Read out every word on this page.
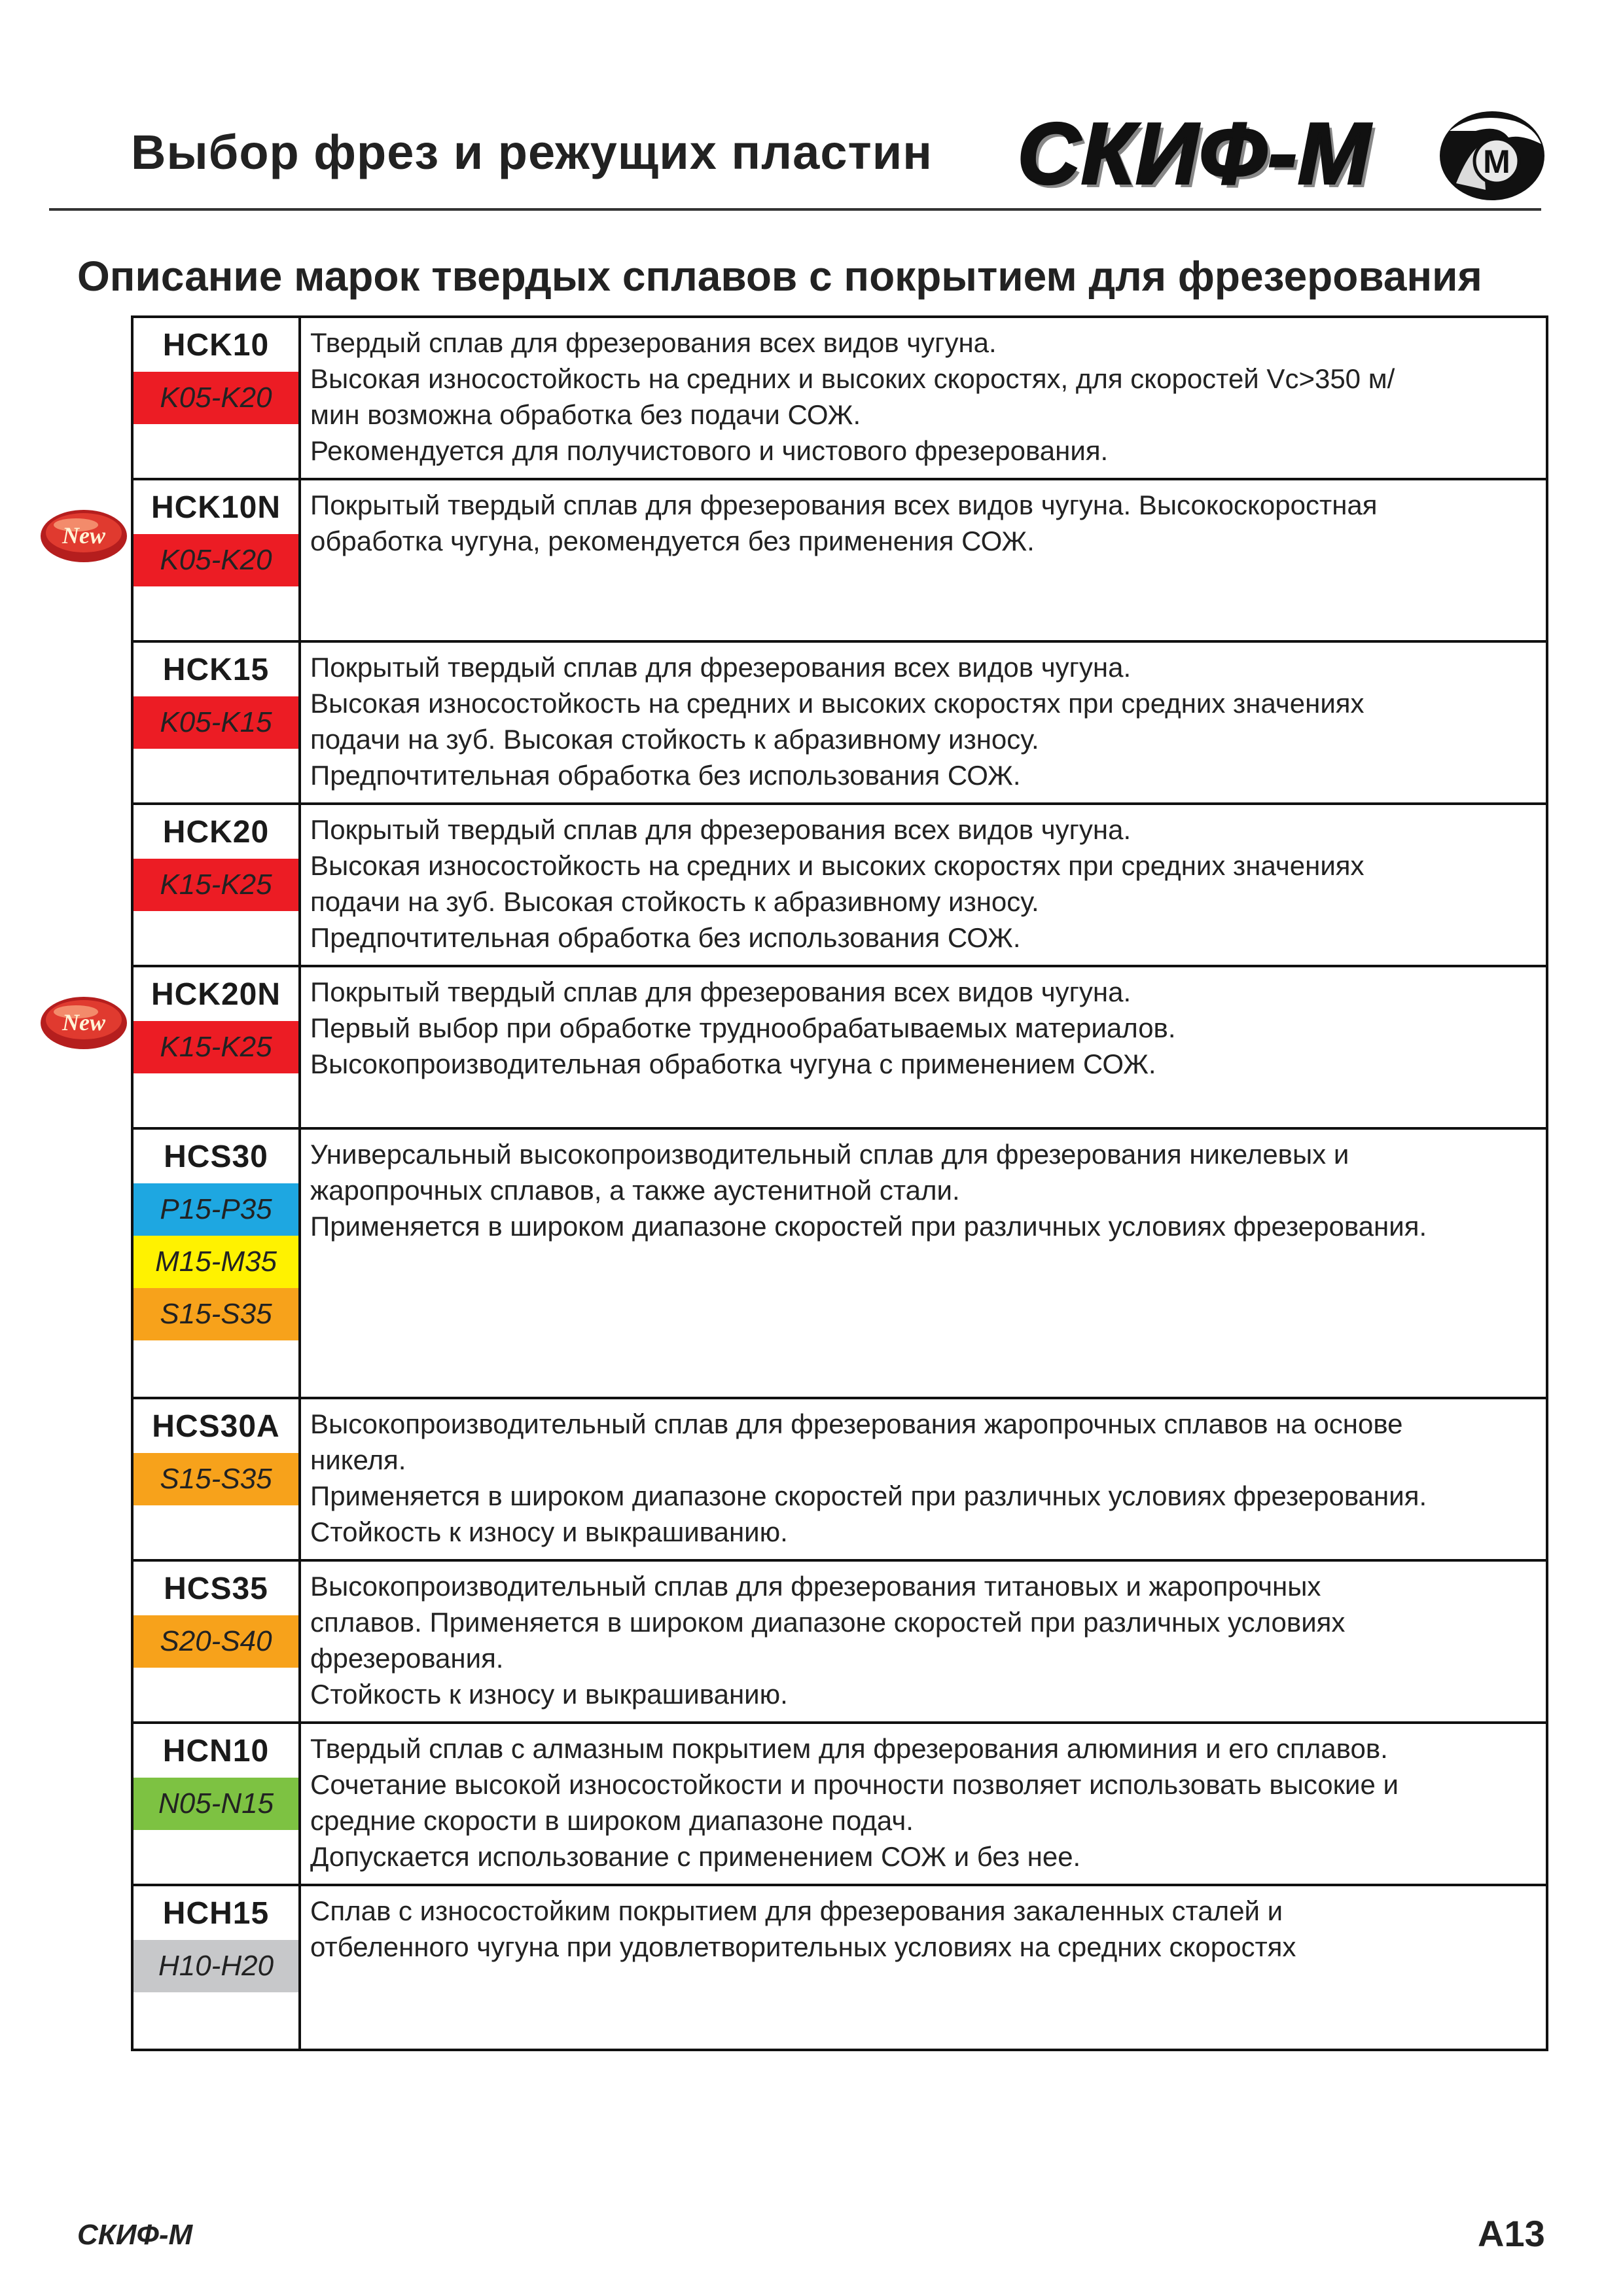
Выбор фрез и режущих пластин СКИФ-М	М
Описание марок твердых сплавов с покрытием для фрезерования
HCK10
K05-K20
Твердый сплав для фрезерования всех видов чугуна.
Высокая износостойкость на средних и высоких скоростях, для скоростей Vc>350 м/
мин возможна обработка без подачи СОЖ.
Рекомендуется для получистового и чистового фрезерования.
HCK10N
K05-K20
Покрытый твердый сплав для фрезерования всех видов чугуна. Высокоскоростная
обработка чугуна, рекомендуется без применения СОЖ.
HCK15
K05-K15
Покрытый твердый сплав для фрезерования всех видов чугуна.
Высокая износостойкость на средних и высоких скоростях при средних значениях
подачи на зуб. Высокая стойкость к абразивному износу.
Предпочтительная обработка без использования СОЖ.
HCK20
K15-K25
Покрытый твердый сплав для фрезерования всех видов чугуна.
Высокая износостойкость на средних и высоких скоростях при средних значениях
подачи на зуб. Высокая стойкость к абразивному износу.
Предпочтительная обработка без использования СОЖ.
HCK20N
K15-K25
Покрытый твердый сплав для фрезерования всех видов чугуна.
Первый выбор при обработке труднообрабатываемых материалов.
Высокопроизводительная обработка чугуна с применением СОЖ.
HCS30
P15-P35
M15-M35
S15-S35
Универсальный высокопроизводительный сплав для фрезерования никелевых и
жаропрочных сплавов, а также аустенитной стали.
Применяется в широком диапазоне скоростей при различных условиях фрезерования.
HCS30A
S15-S35
Высокопроизводительный сплав для фрезерования жаропрочных сплавов на основе
никеля.
Применяется в широком диапазоне скоростей при различных условиях фрезерования.
Стойкость к износу и выкрашиванию.
HCS35
S20-S40
Высокопроизводительный сплав для фрезерования титановых и жаропрочных
сплавов. Применяется в широком диапазоне скоростей при различных условиях
фрезерования.
Стойкость к износу и выкрашиванию.
HCN10
N05-N15
Твердый сплав с алмазным покрытием для фрезерования алюминия и его сплавов.
Сочетание высокой износостойкости и прочности позволяет использовать высокие и
средние скорости в широком диапазоне подач.
Допускается использование с применением СОЖ и без нее.
HCH15
H10-H20
Сплав с износостойким покрытием для фрезерования закаленных сталей и
отбеленного чугуна при удовлетворительных условиях на средних скоростях
New
New
СКИФ-М	A13
